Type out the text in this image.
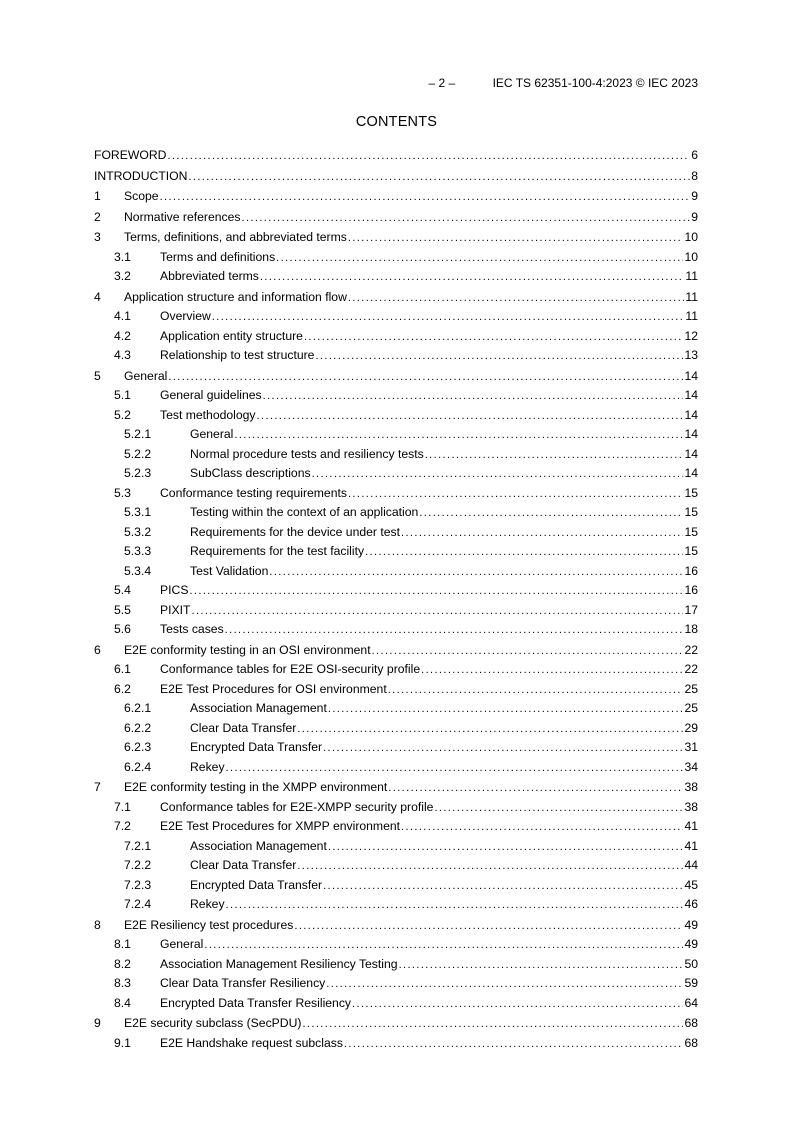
– 2 –	IEC TS 62351-100-4:2023 © IEC 2023
CONTENTS
FOREWORD .....	6
INTRODUCTION .....	8
1	Scope .....	9
2	Normative references .....	9
3	Terms, definitions, and abbreviated terms .....	10
3.1	Terms and definitions .....	10
3.2	Abbreviated terms .....	11
4	Application structure and information flow .....	11
4.1	Overview .....	11
4.2	Application entity structure .....	12
4.3	Relationship to test structure .....	13
5	General .....	14
5.1	General guidelines .....	14
5.2	Test methodology .....	14
5.2.1	General .....	14
5.2.2	Normal procedure tests and resiliency tests .....	14
5.2.3	SubClass descriptions .....	14
5.3	Conformance testing requirements .....	15
5.3.1	Testing within the context of an application .....	15
5.3.2	Requirements for the device under test .....	15
5.3.3	Requirements for the test facility .....	15
5.3.4	Test Validation .....	16
5.4	PICS .....	16
5.5	PIXIT .....	17
5.6	Tests cases .....	18
6	E2E conformity testing in an OSI environment .....	22
6.1	Conformance tables for E2E OSI-security profile .....	22
6.2	E2E Test Procedures for OSI environment .....	25
6.2.1	Association Management .....	25
6.2.2	Clear Data Transfer .....	29
6.2.3	Encrypted Data Transfer .....	31
6.2.4	Rekey .....	34
7	E2E conformity testing in the XMPP environment .....	38
7.1	Conformance tables for E2E-XMPP security profile .....	38
7.2	E2E Test Procedures for XMPP environment .....	41
7.2.1	Association Management .....	41
7.2.2	Clear Data Transfer .....	44
7.2.3	Encrypted Data Transfer .....	45
7.2.4	Rekey .....	46
8	E2E Resiliency test procedures .....	49
8.1	General .....	49
8.2	Association Management Resiliency Testing .....	50
8.3	Clear Data Transfer Resiliency .....	59
8.4	Encrypted Data Transfer Resiliency .....	64
9	E2E security subclass (SecPDU) .....	68
9.1	E2E Handshake request subclass .....	68
